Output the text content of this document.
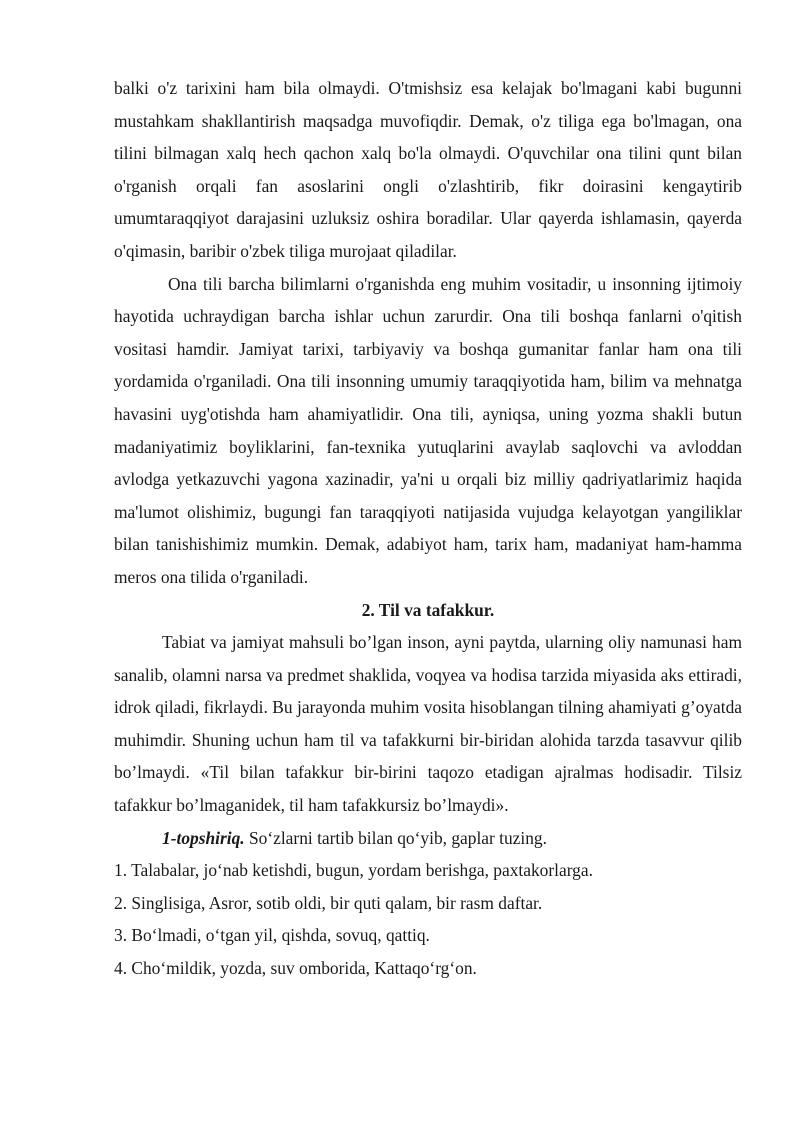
balki o'z tarixini ham bila olmaydi. O'tmishsiz esa kelajak bo'lmagani kabi bugunni mustahkam shakllantirish maqsadga muvofiqdir. Demak, o'z tiliga ega bo'lmagan, ona tilini bilmagan xalq hech qachon xalq bo'la olmaydi. O'quvchilar ona tilini qunt bilan o'rganish orqali fan asoslarini ongli o'zlashtirib, fikr doirasini kengaytirib umumtaraqqiyot darajasini uzluksiz oshira boradilar. Ular qayerda ishlamasin, qayerda o'qimasin, baribir o'zbek tiliga murojaat qiladilar.

Ona tili barcha bilimlarni o'rganishda eng muhim vositadir, u insonning ijtimoiy hayotida uchraydigan barcha ishlar uchun zarurdir. Ona tili boshqa fanlarni o'qitish vositasi hamdir. Jamiyat tarixi, tarbiyaviy va boshqa gumanitar fanlar ham ona tili yordamida o'rganiladi. Ona tili insonning umumiy taraqqiyotida ham, bilim va mehnatga havasini uyg'otishda ham ahamiyatlidir. Ona tili, ayniqsa, uning yozma shakli butun madaniyatimiz boyliklarini, fan-texnika yutuqlarini avaylab saqlovchi va avloddan avlodga yetkazuvchi yagona xazinadir, ya'ni u orqali biz milliy qadriyatlarimiz haqida ma'lumot olishimiz, bugungi fan taraqqiyoti natijasida vujudga kelayotgan yangiliklar bilan tanishishimiz mumkin. Demak, adabiyot ham, tarix ham, madaniyat ham-hamma meros ona tilida o'rganiladi.

2. Til va tafakkur.

Tabiat va jamiyat mahsuli bo’lgan inson, ayni paytda, ularning oliy namunasi ham sanalib, olamni narsa va predmet shaklida, voqyea va hodisa tarzida miyasida aks ettiradi, idrok qiladi, fikrlaydi. Bu jarayonda muhim vosita hisoblangan tilning ahamiyati g’oyatda muhimdir. Shuning uchun ham til va tafakkurni bir-biridan alohida tarzda tasavvur qilib bo’lmaydi. «Til bilan tafakkur bir-birini taqozo etadigan ajralmas hodisadir. Tilsiz tafakkur bo’lmaganidek, til ham tafakkursiz bo’lmaydi».

1-topshiriq. So‘zlarni tartib bilan qo‘yib, gaplar tuzing.

1. Talabalar, jo‘nab ketishdi, bugun, yordam berishga, paxtakorlarga.

2. Singlisiga, Asror, sotib oldi, bir quti qalam, bir rasm daftar.

3. Bo‘lmadi, o‘tgan yil, qishda, sovuq, qattiq.

4. Cho‘mildik, yozda, suv omborida, Kattaqo‘rg‘on.
